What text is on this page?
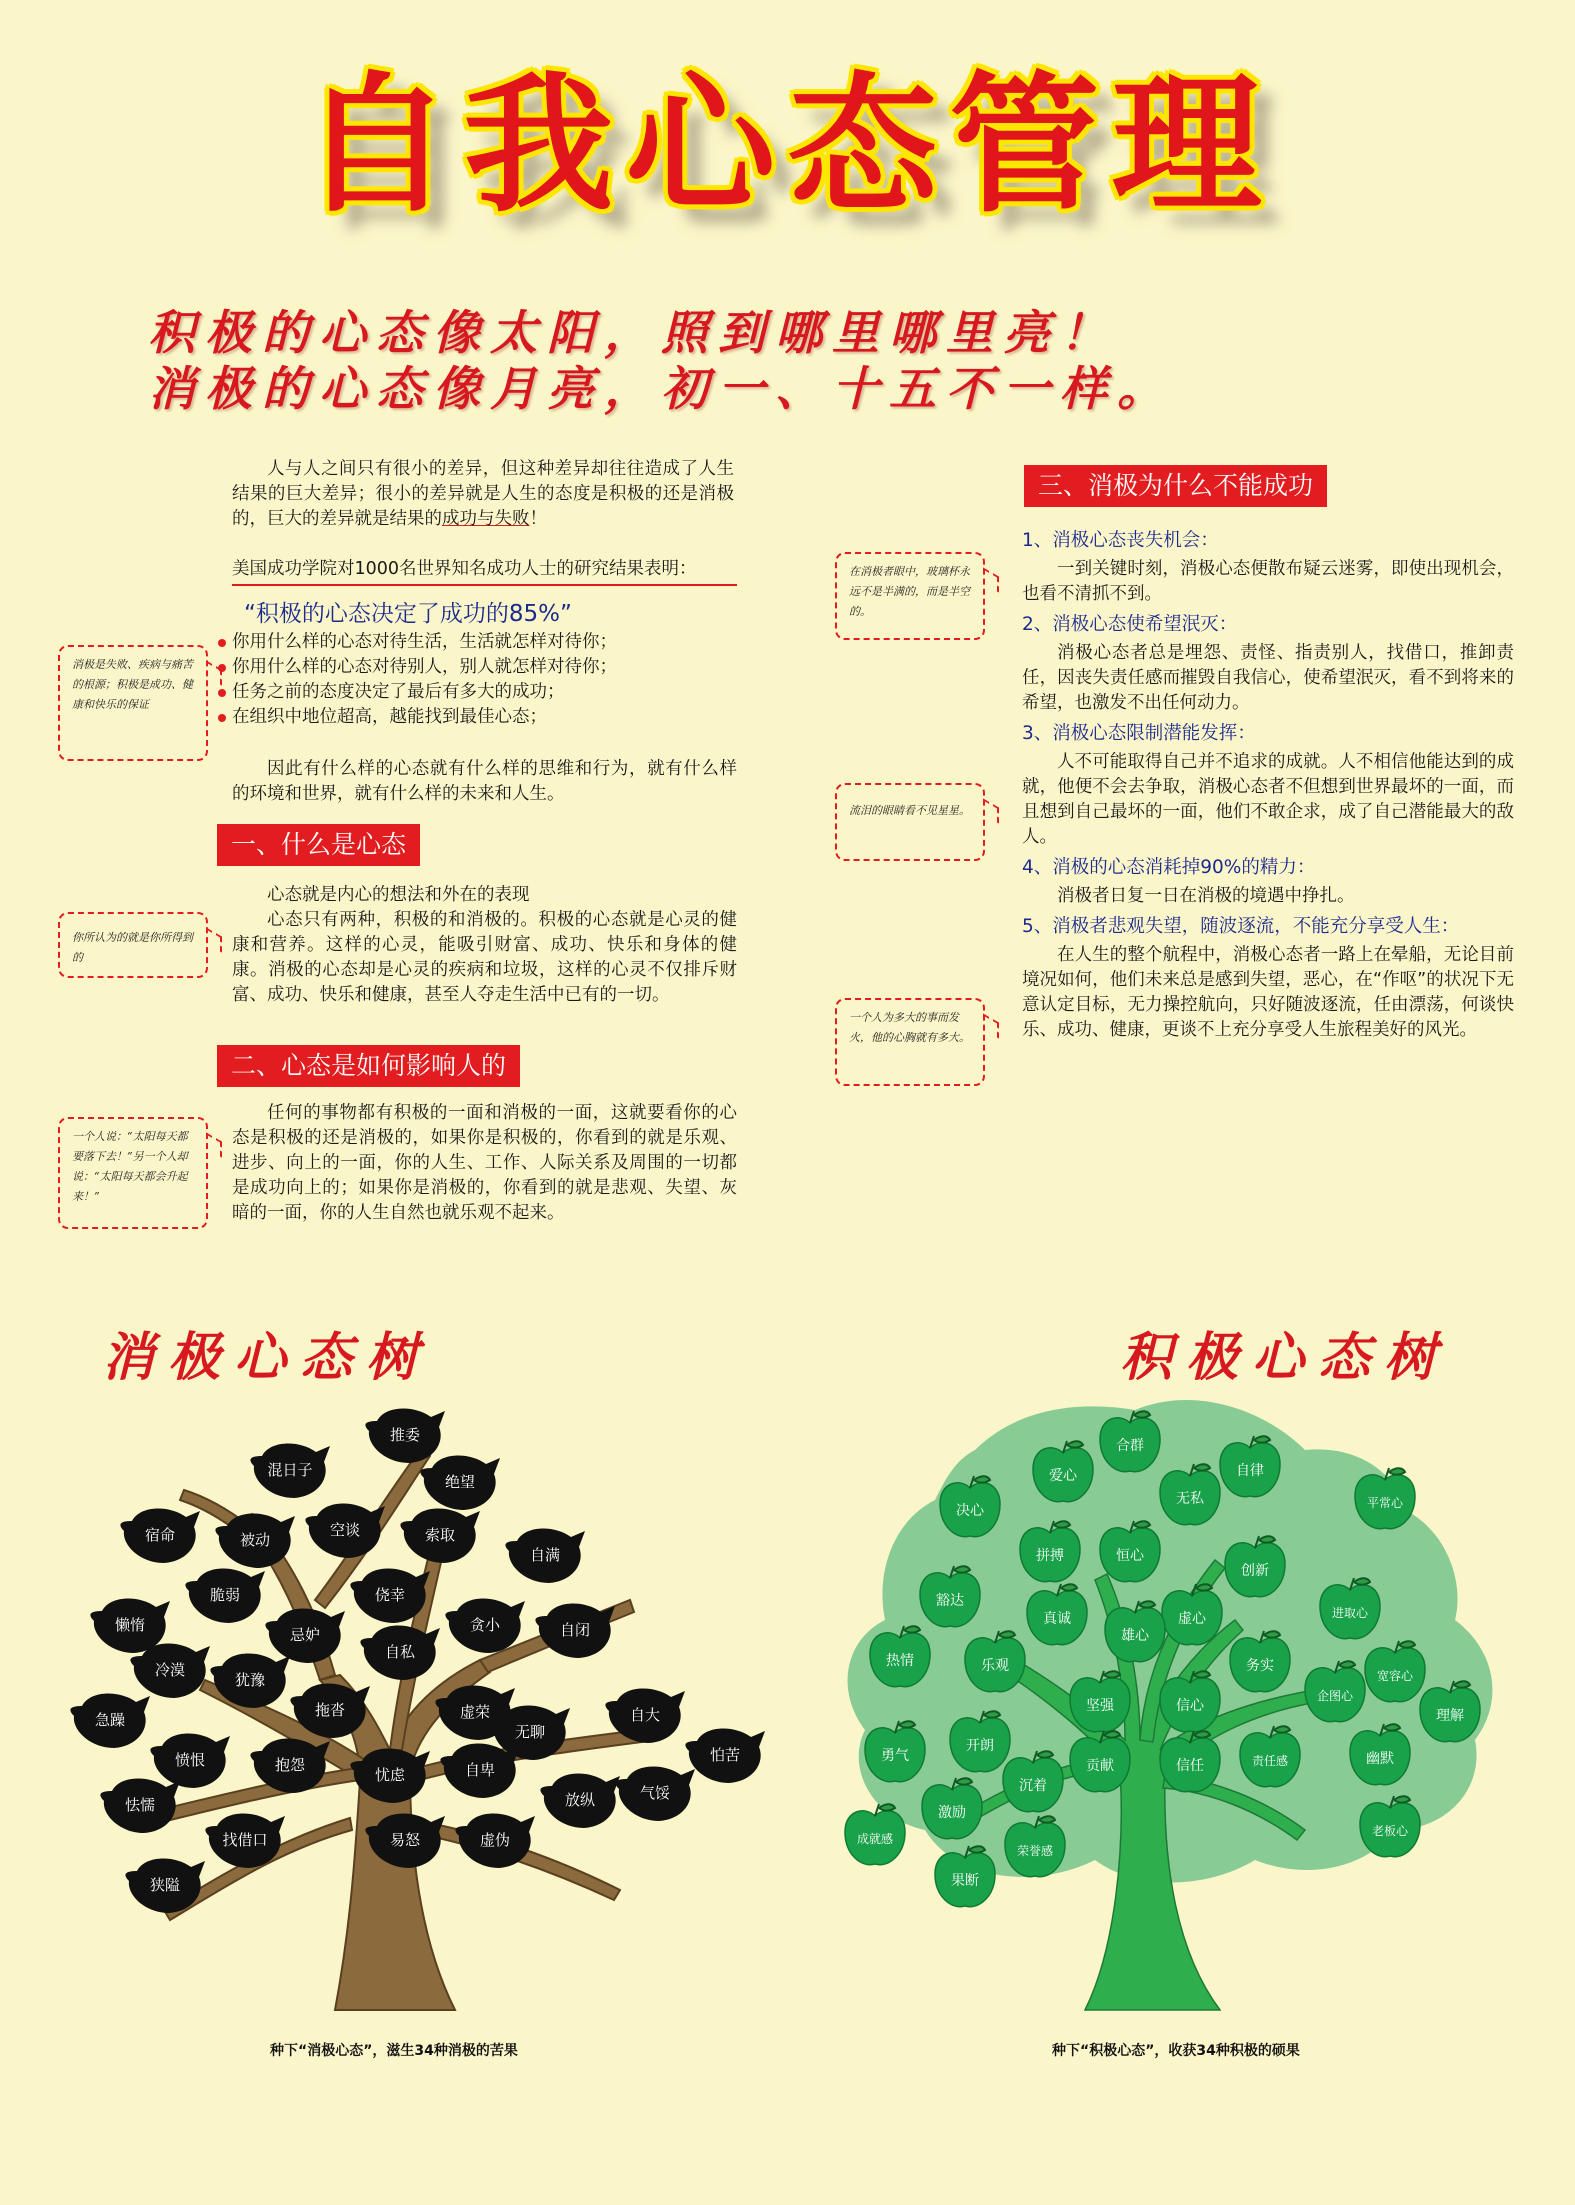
自我心态管理
积极的心态像太阳，照到哪里哪里亮！
消极的心态像月亮，初一、十五不一样。
人与人之间只有很小的差异，但这种差异却往往造成了人生结果的巨大差异；很小的差异就是人生的态度是积极的还是消极的，巨大的差异就是结果的成功与失败！
美国成功学院对1000名世界知名成功人士的研究结果表明：
“积极的心态决定了成功的85%”
你用什么样的心态对待生活，生活就怎样对待你；
你用什么样的心态对待别人，别人就怎样对待你；
任务之前的态度决定了最后有多大的成功；
在组织中地位超高，越能找到最佳心态；
因此有什么样的心态就有什么样的思维和行为，就有什么样的环境和世界，就有什么样的未来和人生。
一、什么是心态
心态就是内心的想法和外在的表现
心态只有两种，积极的和消极的。积极的心态就是心灵的健康和营养。这样的心灵，能吸引财富、成功、快乐和身体的健康。消极的心态却是心灵的疾病和垃圾，这样的心灵不仅排斥财富、成功、快乐和健康，甚至人夺走生活中已有的一切。
二、心态是如何影响人的
任何的事物都有积极的一面和消极的一面，这就要看你的心态是积极的还是消极的，如果你是积极的，你看到的就是乐观、进步、向上的一面，你的人生、工作、人际关系及周围的一切都是成功向上的；如果你是消极的，你看到的就是悲观、失望、灰暗的一面，你的人生自然也就乐观不起来。
消极是失败、疾病与痛苦的根源；积极是成功、健康和快乐的保证
你所认为的就是你所得到的
一个人说：“太阳每天都要落下去！”另一个人却说：“太阳每天都会升起来！”
三、消极为什么不能成功
1、消极心态丧失机会：
一到关键时刻，消极心态便散布疑云迷雾，即使出现机会，也看不清抓不到。
2、消极心态使希望泯灭：
消极心态者总是埋怨、责怪、指责别人，找借口，推卸责任，因丧失责任感而摧毁自我信心，使希望泯灭，看不到将来的希望，也激发不出任何动力。
3、消极心态限制潜能发挥：
人不可能取得自己并不追求的成就。人不相信他能达到的成就，他便不会去争取，消极心态者不但想到世界最坏的一面，而且想到自己最坏的一面，他们不敢企求，成了自己潜能最大的敌人。
4、消极的心态消耗掉90%的精力：
消极者日复一日在消极的境遇中挣扎。
5、消极者悲观失望，随波逐流，不能充分享受人生：
在人生的整个航程中，消极心态者一路上在晕船，无论目前境况如何，他们未来总是感到失望，恶心，在“作呕”的状况下无意认定目标，无力操控航向，只好随波逐流，任由漂荡，何谈快乐、成功、健康，更谈不上充分享受人生旅程美好的风光。
在消极者眼中，玻璃杯永远不是半满的，而是半空的。
流泪的眼睛看不见星星。
一个人为多大的事而发火，他的心胸就有多大。
消极心态树	积极心态树
推委
混日子
绝望
宿命	被动
空谈	索取
自满
脆弱	侥幸
懒惰
忌妒
贪小	自闭
冷漠
犹豫
自私
自大
急躁
拖沓	虚荣
无聊
怕苦
愤恨	抱怨
忧虑	自卑
气馁
怯懦	放纵
找借口	易怒	虚伪
狭隘
种下“消极心态”，滋生34种消极的苦果
爱心
合群
自律
决心
无私	平常心
拼搏	恒心
豁达
创新
进取心
虚心
真诚
热情	乐观
雄心
务实
坚强	信心
企图心
宽容心
勇气
开朗
理解
贡献	信任	责任感	幽默
沉着
激励
老板心
成就感
荣誉感
果断
种下“积极心态”，收获34种积极的硕果
